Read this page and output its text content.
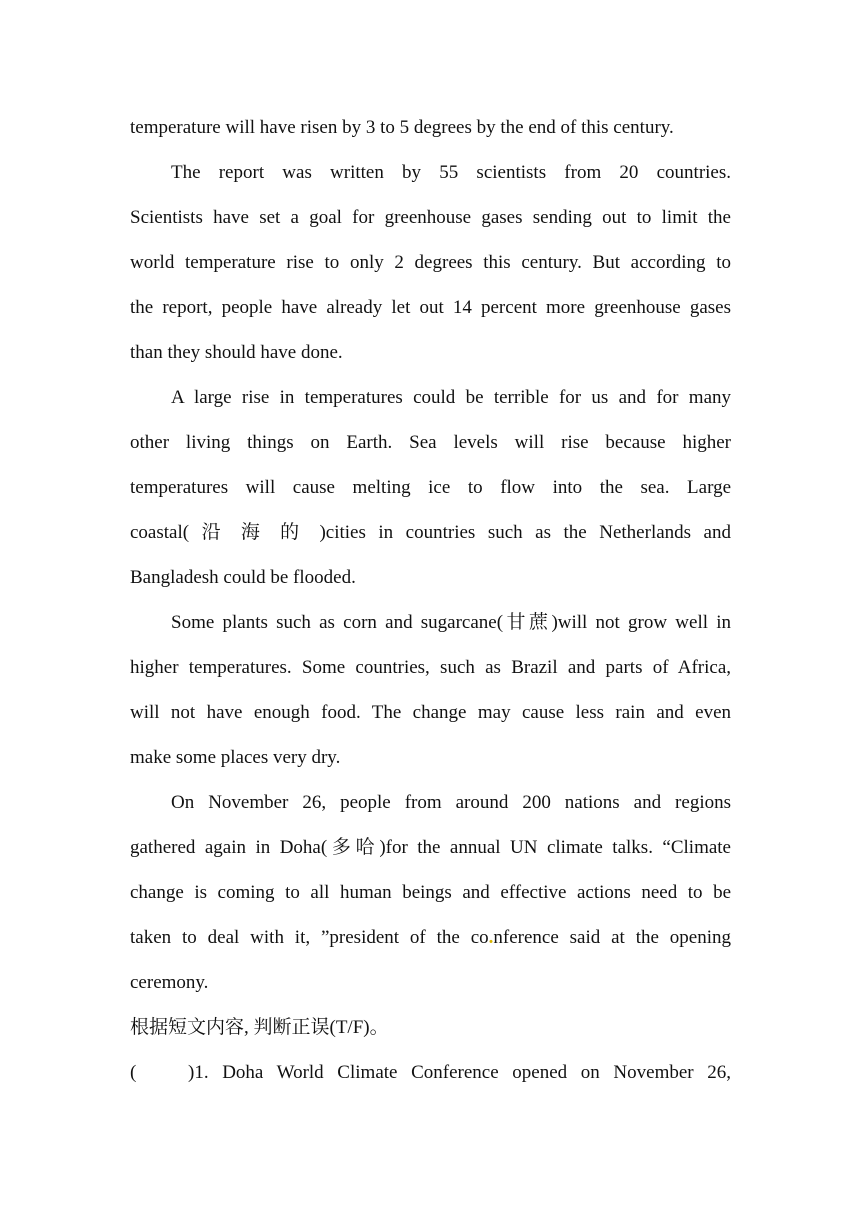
temperature will have risen by 3 to 5 degrees by the end of this century.
The report was written by 55 scientists from 20 countries.
Scientists have set a goal for greenhouse gases sending out to limit the
world temperature rise to only 2 degrees this century. But according to
the report, people have already let out 14 percent more greenhouse gases
than they should have done.
A large rise in temperatures could be terrible for us and for many
other living things on Earth. Sea levels will rise because higher
temperatures will cause melting ice to flow into the sea. Large
coastal( 沿 海 的 )cities in countries such as the Netherlands and
Bangladesh could be flooded.
Some plants such as corn and sugarcane(甘蔗)will not grow well in
higher temperatures. Some countries, such as Brazil and parts of Africa,
will not have enough food. The change may cause less rain and even
make some places very dry.
On November 26, people from around 200 nations and regions
gathered again in Doha(多哈)for the annual UN climate talks. “Climate
change is coming to all human beings and effective actions need to be
taken to deal with it, ”president of the co.nference said at the opening
ceremony.
根据短文内容, 判断正误(T/F)。
(	)1. Doha World Climate Conference opened on November 26,
